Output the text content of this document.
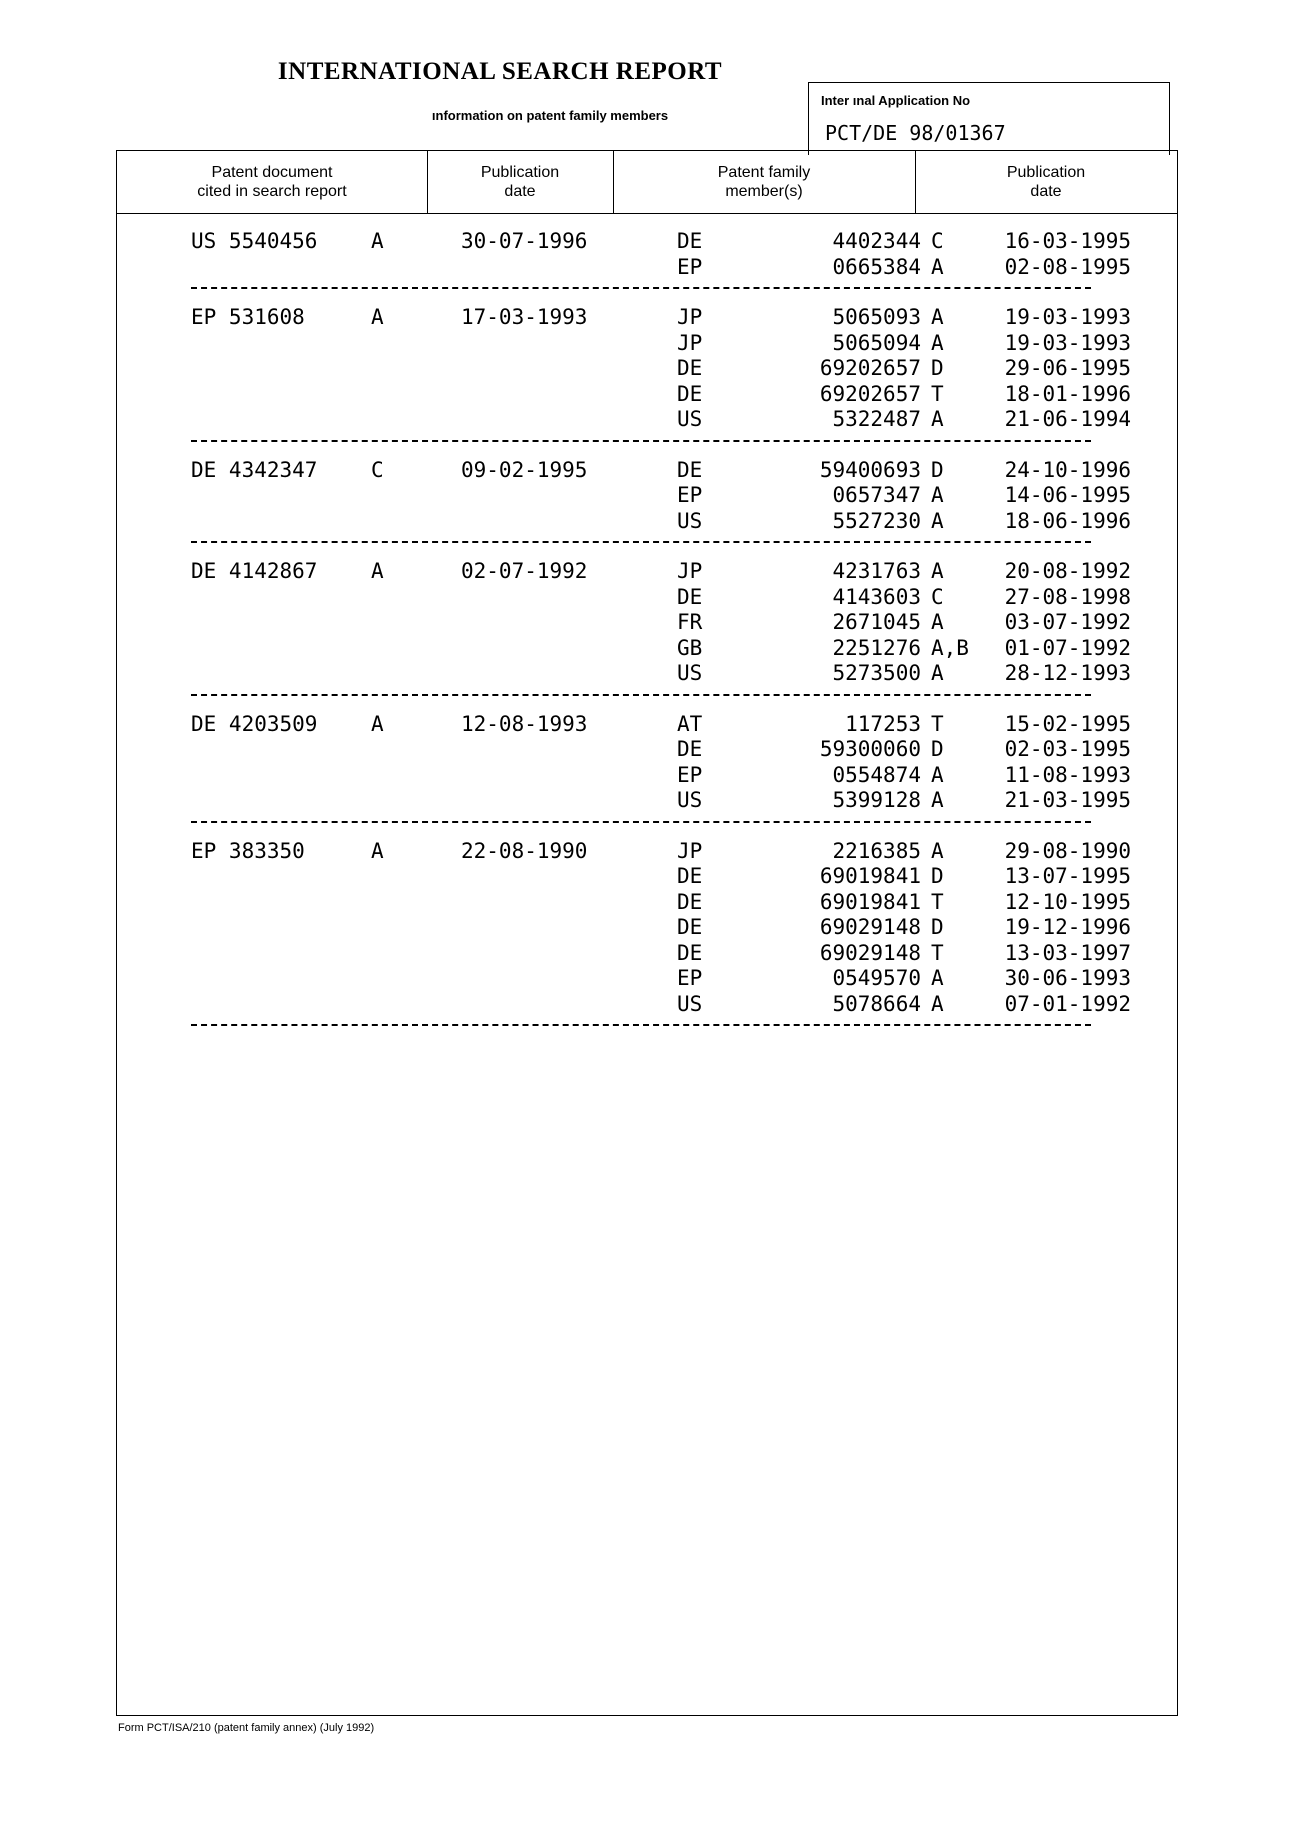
INTERNATIONAL SEARCH REPORT
ınformation on patent family members
Inter ınal Application No
PCT/DE 98/01367
Patent document
cited in search report
Publication
date
Patent family
member(s)
Publication
date
US 5540456	A	30-07-1996	DE	4402344 C	16-03-1995
EP	0665384 A	02-08-1995
EP 531608	A	17-03-1993	JP	5065093 A	19-03-1993
JP	5065094 A	19-03-1993
DE	69202657 D	29-06-1995
DE	69202657 T	18-01-1996
US	5322487 A	21-06-1994
DE 4342347	C	09-02-1995	DE	59400693 D	24-10-1996
EP	0657347 A	14-06-1995
US	5527230 A	18-06-1996
DE 4142867	A	02-07-1992	JP	4231763 A	20-08-1992
DE	4143603 C	27-08-1998
FR	2671045 A	03-07-1992
GB	2251276 A,B	01-07-1992
US	5273500 A	28-12-1993
DE 4203509	A	12-08-1993	AT	117253 T	15-02-1995
DE	59300060 D	02-03-1995
EP	0554874 A	11-08-1993
US	5399128 A	21-03-1995
EP 383350	A	22-08-1990	JP	2216385 A	29-08-1990
DE	69019841 D	13-07-1995
DE	69019841 T	12-10-1995
DE	69029148 D	19-12-1996
DE	69029148 T	13-03-1997
EP	0549570 A	30-06-1993
US	5078664 A	07-01-1992
Form PCT/ISA/210 (patent family annex) (July 1992)
